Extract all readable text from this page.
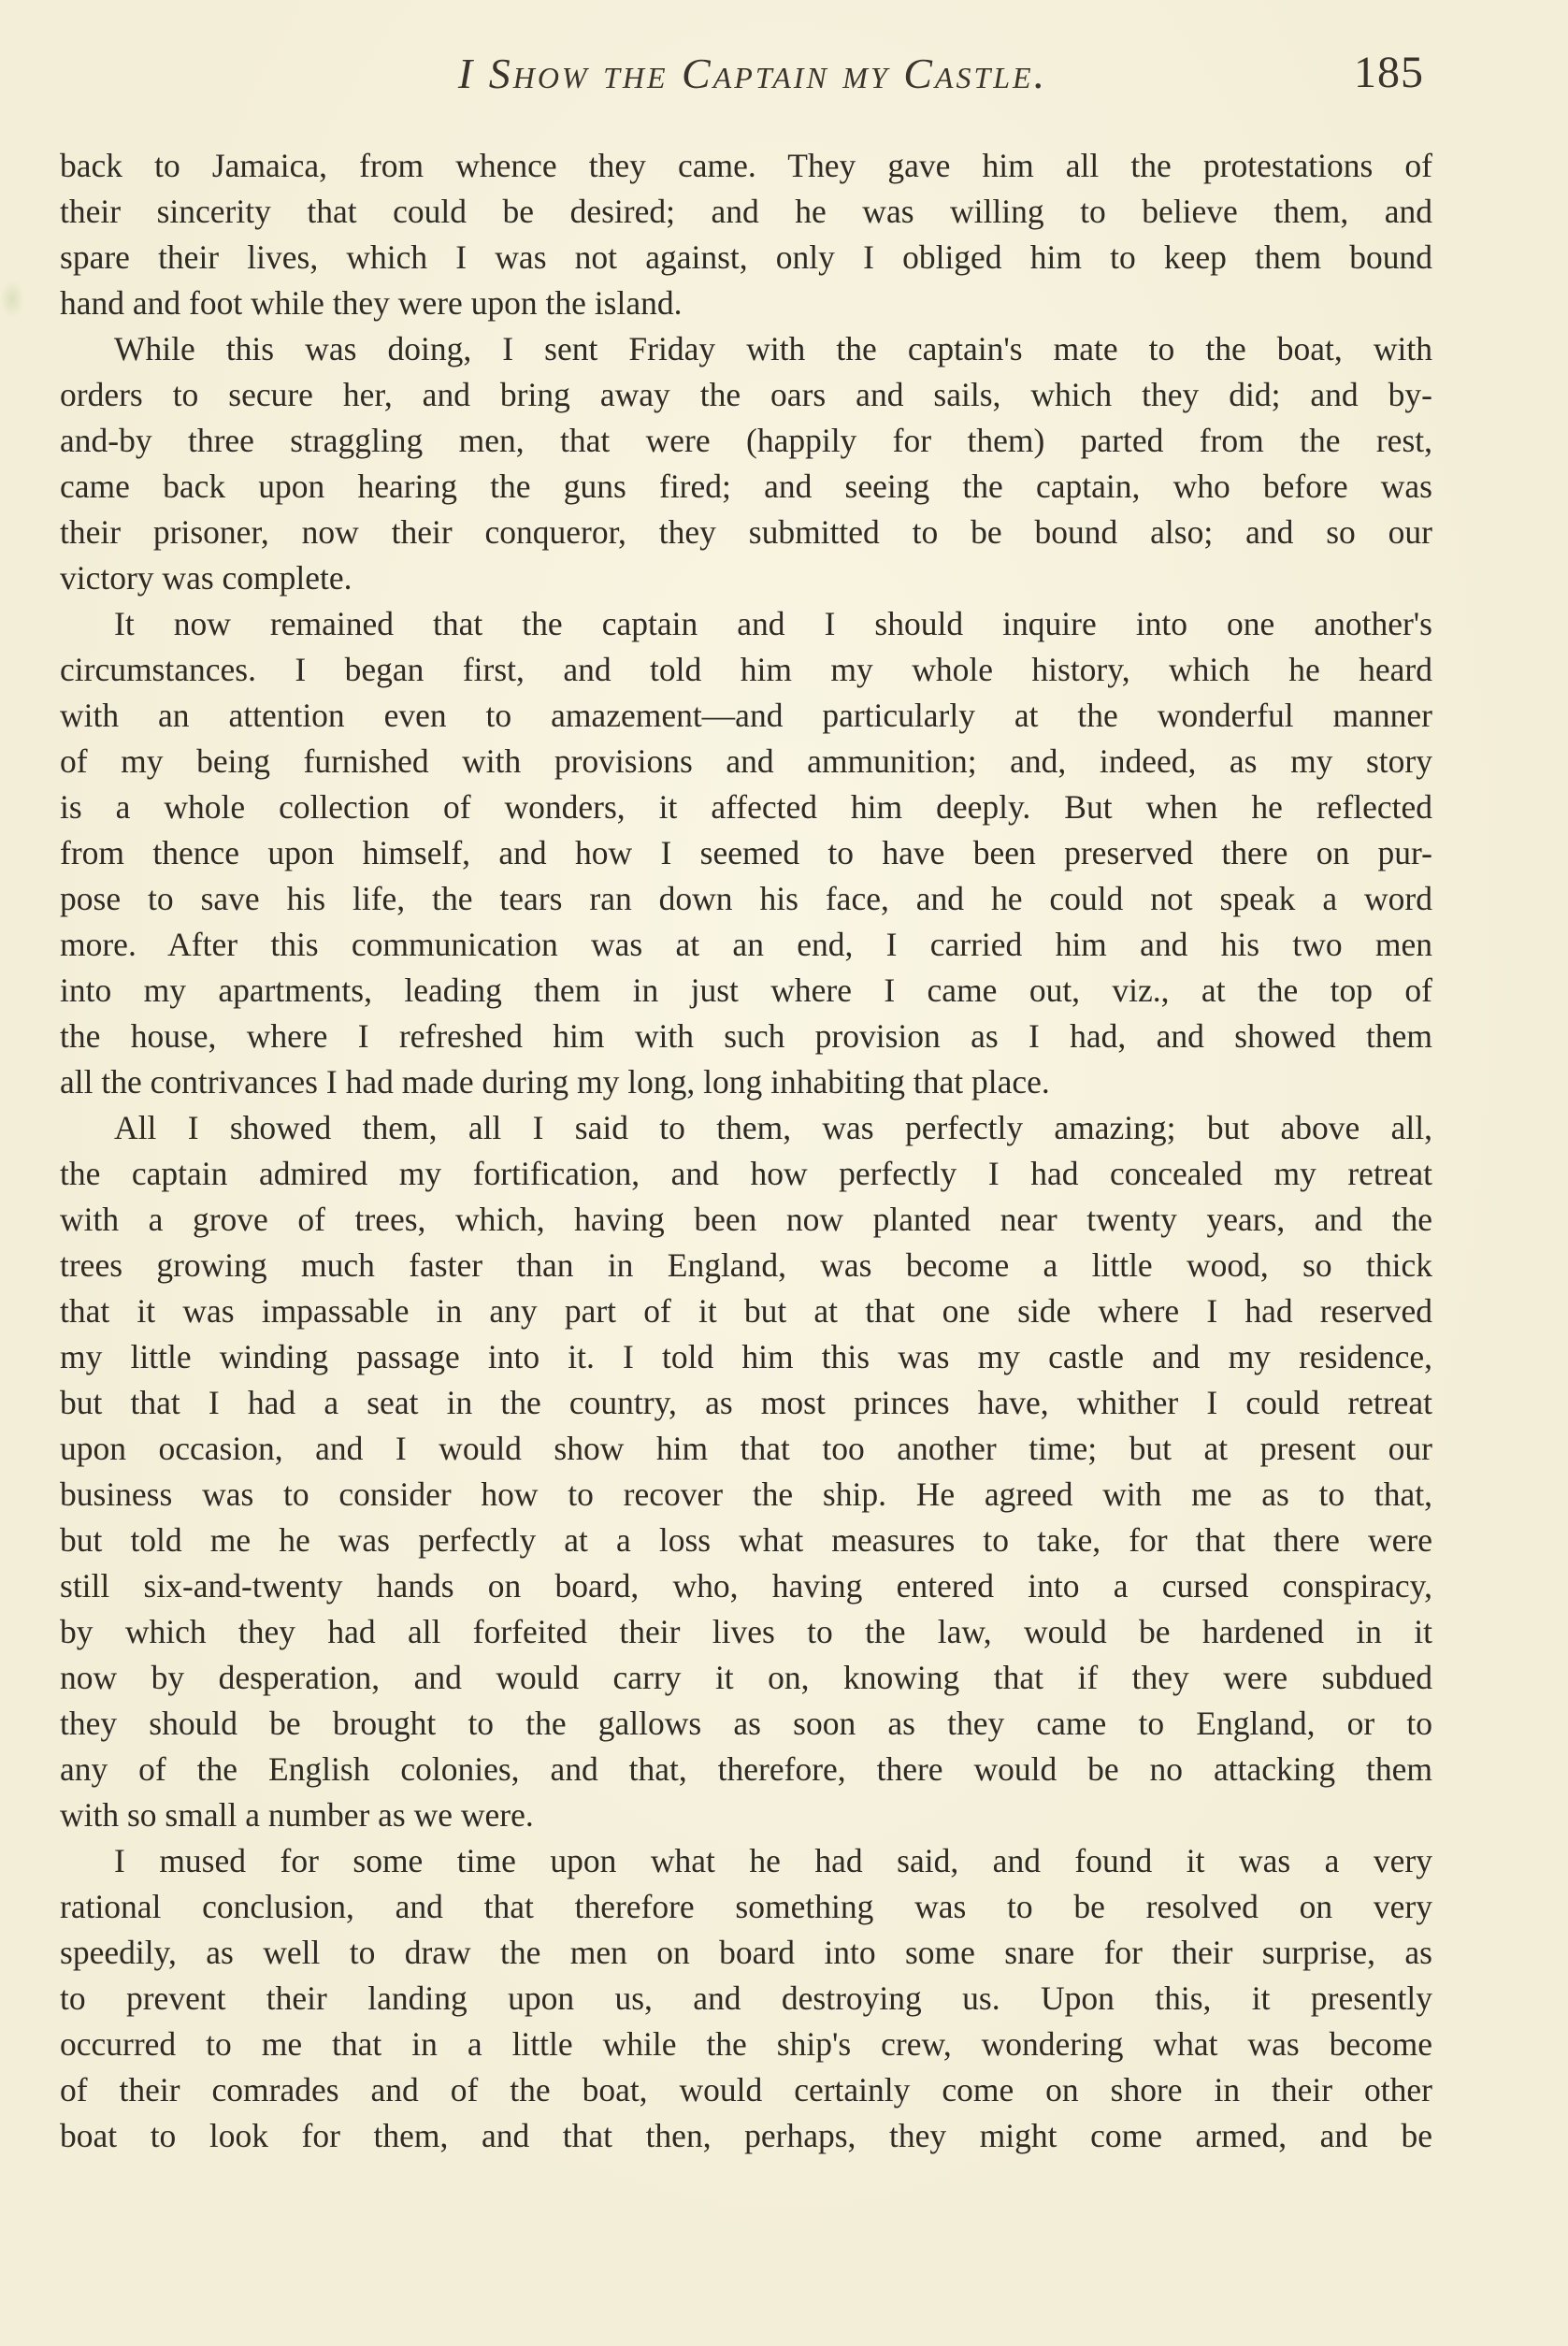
I Show the Captain my Castle.	185
back to Jamaica, from whence they came. They gave him all the protestations of
their sincerity that could be desired; and he was willing to believe them, and
spare their lives, which I was not against, only I obliged him to keep them bound
hand and foot while they were upon the island.
While this was doing, I sent Friday with the captain's mate to the boat, with
orders to secure her, and bring away the oars and sails, which they did; and by-
and-by three straggling men, that were (happily for them) parted from the rest,
came back upon hearing the guns fired; and seeing the captain, who before was
their prisoner, now their conqueror, they submitted to be bound also; and so our
victory was complete.
It now remained that the captain and I should inquire into one another's
circumstances. I began first, and told him my whole history, which he heard
with an attention even to amazement—and particularly at the wonderful manner
of my being furnished with provisions and ammunition; and, indeed, as my story
is a whole collection of wonders, it affected him deeply. But when he reflected
from thence upon himself, and how I seemed to have been preserved there on pur-
pose to save his life, the tears ran down his face, and he could not speak a word
more. After this communication was at an end, I carried him and his two men
into my apartments, leading them in just where I came out, viz., at the top of
the house, where I refreshed him with such provision as I had, and showed them
all the contrivances I had made during my long, long inhabiting that place.
All I showed them, all I said to them, was perfectly amazing; but above all,
the captain admired my fortification, and how perfectly I had concealed my retreat
with a grove of trees, which, having been now planted near twenty years, and the
trees growing much faster than in England, was become a little wood, so thick
that it was impassable in any part of it but at that one side where I had reserved
my little winding passage into it. I told him this was my castle and my residence,
but that I had a seat in the country, as most princes have, whither I could retreat
upon occasion, and I would show him that too another time; but at present our
business was to consider how to recover the ship. He agreed with me as to that,
but told me he was perfectly at a loss what measures to take, for that there were
still six-and-twenty hands on board, who, having entered into a cursed conspiracy,
by which they had all forfeited their lives to the law, would be hardened in it
now by desperation, and would carry it on, knowing that if they were subdued
they should be brought to the gallows as soon as they came to England, or to
any of the English colonies, and that, therefore, there would be no attacking them
with so small a number as we were.
I mused for some time upon what he had said, and found it was a very
rational conclusion, and that therefore something was to be resolved on very
speedily, as well to draw the men on board into some snare for their surprise, as
to prevent their landing upon us, and destroying us. Upon this, it presently
occurred to me that in a little while the ship's crew, wondering what was become
of their comrades and of the boat, would certainly come on shore in their other
boat to look for them, and that then, perhaps, they might come armed, and be
